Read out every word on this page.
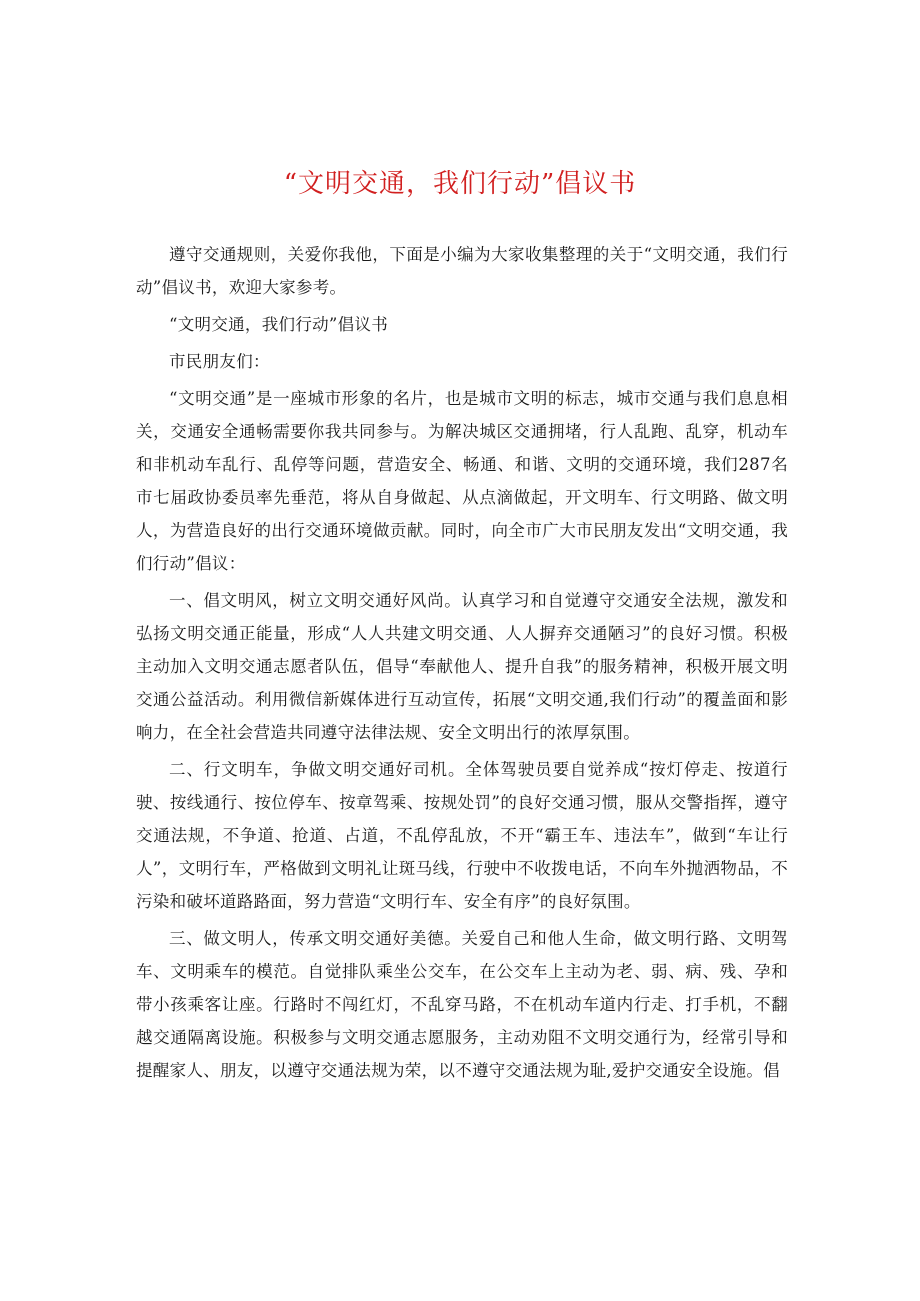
“文明交通，我们行动”倡议书

遵守交通规则，关爱你我他，下面是小编为大家收集整理的关于“文明交通，我们行动”倡议书，欢迎大家参考。

“文明交通，我们行动”倡议书

市民朋友们：

“文明交通”是一座城市形象的名片，也是城市文明的标志，城市交通与我们息息相关，交通安全通畅需要你我共同参与。为解决城区交通拥堵，行人乱跑、乱穿，机动车和非机动车乱行、乱停等问题，营造安全、畅通、和谐、文明的交通环境，我们287名市七届政协委员率先垂范，将从自身做起、从点滴做起，开文明车、行文明路、做文明人，为营造良好的出行交通环境做贡献。同时，向全市广大市民朋友发出“文明交通，我们行动”倡议：

一、倡文明风，树立文明交通好风尚。认真学习和自觉遵守交通安全法规，激发和弘扬文明交通正能量，形成“人人共建文明交通、人人摒弃交通陋习”的良好习惯。积极主动加入文明交通志愿者队伍，倡导“奉献他人、提升自我”的服务精神，积极开展文明交通公益活动。利用微信新媒体进行互动宣传，拓展“文明交通,我们行动”的覆盖面和影响力，在全社会营造共同遵守法律法规、安全文明出行的浓厚氛围。

二、行文明车，争做文明交通好司机。全体驾驶员要自觉养成“按灯停走、按道行驶、按线通行、按位停车、按章驾乘、按规处罚”的良好交通习惯，服从交警指挥，遵守交通法规，不争道、抢道、占道，不乱停乱放，不开“霸王车、违法车”，做到“车让行人”，文明行车，严格做到文明礼让斑马线，行驶中不收拨电话，不向车外抛洒物品，不污染和破坏道路路面，努力营造“文明行车、安全有序”的良好氛围。

三、做文明人，传承文明交通好美德。关爱自己和他人生命，做文明行路、文明驾车、文明乘车的模范。自觉排队乘坐公交车，在公交车上主动为老、弱、病、残、孕和带小孩乘客让座。行路时不闯红灯，不乱穿马路，不在机动车道内行走、打手机，不翻越交通隔离设施。积极参与文明交通志愿服务，主动劝阻不文明交通行为，经常引导和提醒家人、朋友，以遵守交通法规为荣，以不遵守交通法规为耻,爱护交通安全设施。倡
